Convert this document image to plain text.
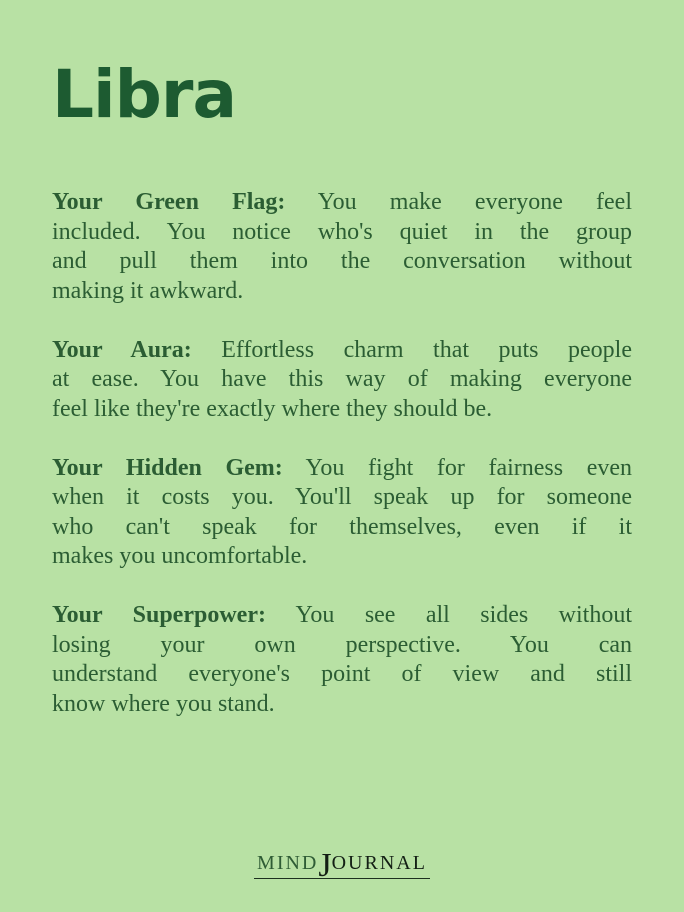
Libra
Your Green Flag: You make everyone feel
included. You notice who's quiet in the group
and pull them into the conversation without
making it awkward.
Your Aura: Effortless charm that puts people
at ease. You have this way of making everyone
feel like they're exactly where they should be.
Your Hidden Gem: You fight for fairness even
when it costs you. You'll speak up for someone
who can't speak for themselves, even if it
makes you uncomfortable.
Your Superpower: You see all sides without
losing your own perspective. You can
understand everyone's point of view and still
know where you stand.
MINDJOURNAL
